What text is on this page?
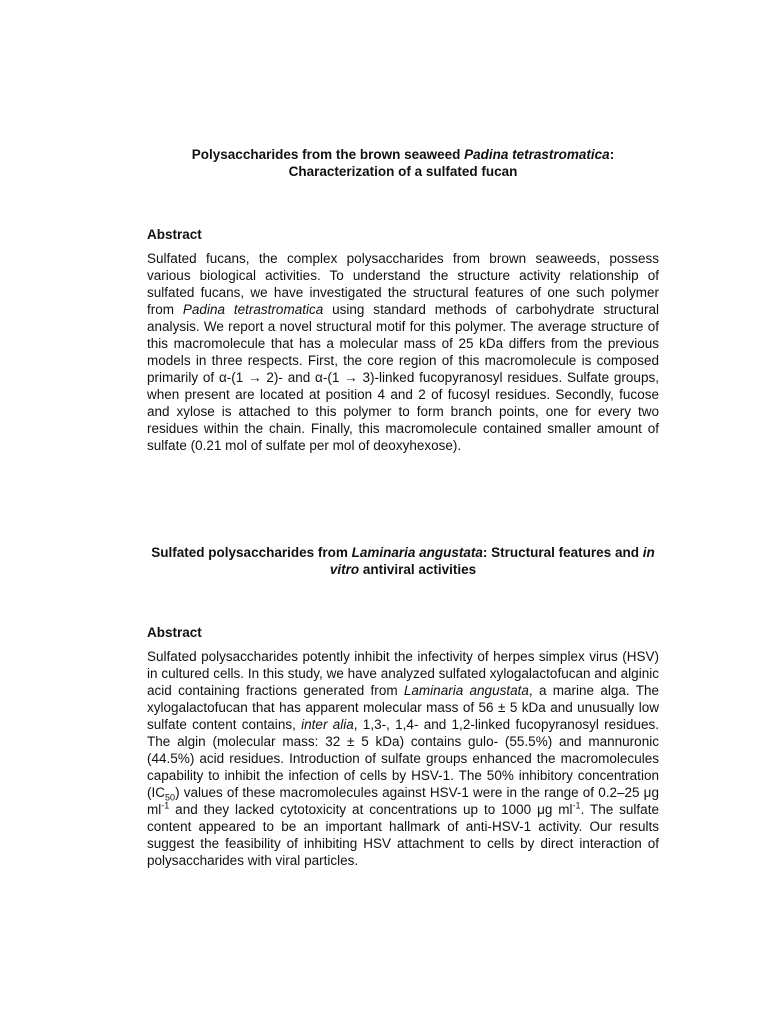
Polysaccharides from the brown seaweed Padina tetrastromatica: Characterization of a sulfated fucan

Abstract

Sulfated fucans, the complex polysaccharides from brown seaweeds, possess various biological activities. To understand the structure activity relationship of sulfated fucans, we have investigated the structural features of one such polymer from Padina tetrastromatica using standard methods of carbohydrate structural analysis. We report a novel structural motif for this polymer. The average structure of this macromolecule that has a molecular mass of 25 kDa differs from the previous models in three respects. First, the core region of this macromolecule is composed primarily of α-(1 → 2)- and α-(1 → 3)-linked fucopyranosyl residues. Sulfate groups, when present are located at position 4 and 2 of fucosyl residues. Secondly, fucose and xylose is attached to this polymer to form branch points, one for every two residues within the chain. Finally, this macromolecule contained smaller amount of sulfate (0.21 mol of sulfate per mol of deoxyhexose).

Sulfated polysaccharides from Laminaria angustata: Structural features and in vitro antiviral activities

Abstract

Sulfated polysaccharides potently inhibit the infectivity of herpes simplex virus (HSV) in cultured cells. In this study, we have analyzed sulfated xylogalactofucan and alginic acid containing fractions generated from Laminaria angustata, a marine alga. The xylogalactofucan that has apparent molecular mass of 56 ± 5 kDa and unusually low sulfate content contains, inter alia, 1,3-, 1,4- and 1,2-linked fucopyranosyl residues. The algin (molecular mass: 32 ± 5 kDa) contains gulo- (55.5%) and mannuronic (44.5%) acid residues. Introduction of sulfate groups enhanced the macromolecules capability to inhibit the infection of cells by HSV-1. The 50% inhibitory concentration $(IC_{50})$ values of these macromolecules against HSV-1 were in the range of 0.2–25 μg $ml^{-1}$ and they lacked cytotoxicity at concentrations up to 1000 μg $ml^{-1}$. The sulfate content appeared to be an important hallmark of anti-HSV-1 activity. Our results suggest the feasibility of inhibiting HSV attachment to cells by direct interaction of polysaccharides with viral particles.
